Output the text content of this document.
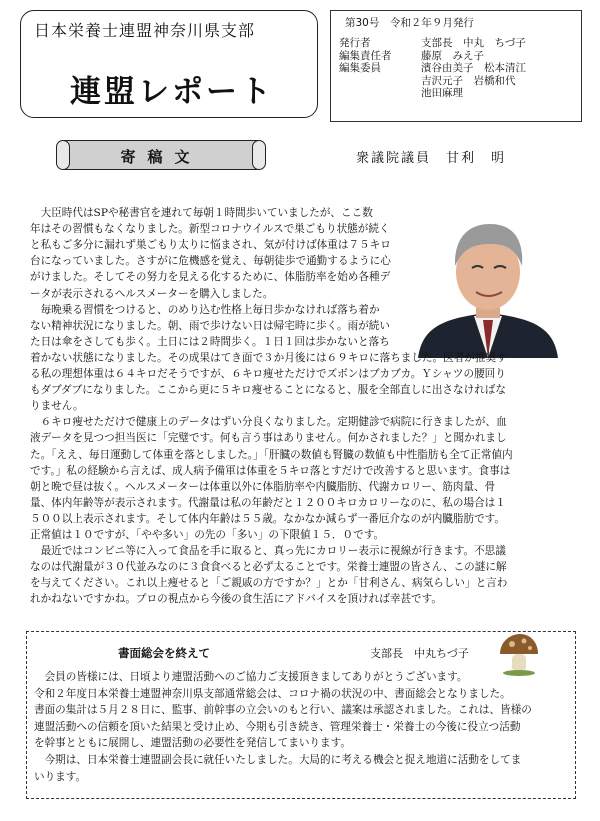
日本栄養士連盟神奈川県支部
連盟レポート
第30号　令和２年９月発行
発行者	支部長　中丸　ちづ子
編集責任者	藤原　みえ子
編集委員	濱谷由美子　松本清江
吉沢元子　岩橋和代
池田麻理
寄稿文	衆議院議員　甘利　明
　大臣時代はSPや秘書官を連れて毎朝１時間歩いていましたが、ここ数
年はその習慣もなくなりました。新型コロナウイルスで巣ごもり状態が続く
と私もご多分に漏れず巣ごもり太りに悩まされ、気が付けば体重は７５キロ
台になっていました。さすがに危機感を覚え、毎朝徒歩で通勤するように心
がけました。そしてその努力を見える化するために、体脂肪率を始め各種デ
ータが表示されるヘルスメーターを購入しました。
　毎晩乗る習慣をつけると、のめり込む性格上毎日歩かなければ落ち着か
ない精神状況になりました。朝、雨で歩けない日は帰宅時に歩く。雨が続い
た日は傘をさしても歩く。土日には２時間歩く。１日１回は歩かないと落ち
着かない状態になりました。その成果はてき面で３か月後には６９キロに落ちました。医者が推奨す
る私の理想体重は６４キロだそうですが、６キロ痩せただけでズボンはブカブカ。Ｙシャツの腰回り
もダブダブになりました。ここから更に５キロ痩せることになると、服を全部直しに出さなければな
りません。
　６キロ痩せただけで健康上のデータはずい分良くなりました。定期健診で病院に行きましたが、血
液データを見つつ担当医に「完璧です。何も言う事はありません。何かされました？」と聞かれまし
た。「ええ、毎日運動して体重を落としました。」「肝臓の数値も腎臓の数値も中性脂肪も全て正常値内
です。」私の経験から言えば、成人病予備軍は体重を５キロ落とすだけで改善すると思います。食事は
朝と晩で昼は抜く。ヘルスメーターは体重以外に体脂肪率や内臓脂肪、代謝カロリー、筋肉量、骨
量、体内年齢等が表示されます。代謝量は私の年齢だと１２００キロカロリーなのに、私の場合は１
５００以上表示されます。そして体内年齢は５５歳。なかなか減らず一番厄介なのが内臓脂肪です。
正常値は１０ですが、「やや多い」の先の「多い」の下限値１５．０です。
　最近ではコンビニ等に入って食品を手に取ると、真っ先にカロリー表示に視線が行きます。不思議
なのは代謝量が３０代並みなのに３食食べると必ず太ることです。栄養士連盟の皆さん、この謎に解
を与えてください。これ以上痩せると「ご親戚の方ですか？」とか「甘利さん、病気らしい」と言わ
れかねないですかね。プロの視点から今後の食生活にアドバイスを頂ければ幸甚です。
書面総会を終えて	支部長　中丸ちづ子
　会員の皆様には、日頃より連盟活動へのご協力ご支援頂きましてありがとうございます。
令和２年度日本栄養士連盟神奈川県支部通常総会は、コロナ禍の状況の中、書面総会となりました。
書面の集計は５月２８日に、監事、前幹事の立会いのもと行い、議案は承認されました。これは、皆様の
連盟活動への信頼を頂いた結果と受け止め、今期も引き続き、管理栄養士・栄養士の今後に役立つ活動
を幹事とともに展開し、連盟活動の必要性を発信してまいります。
　今期は、日本栄養士連盟副会長に就任いたしました。大局的に考える機会と捉え地道に活動をしてま
いります。
